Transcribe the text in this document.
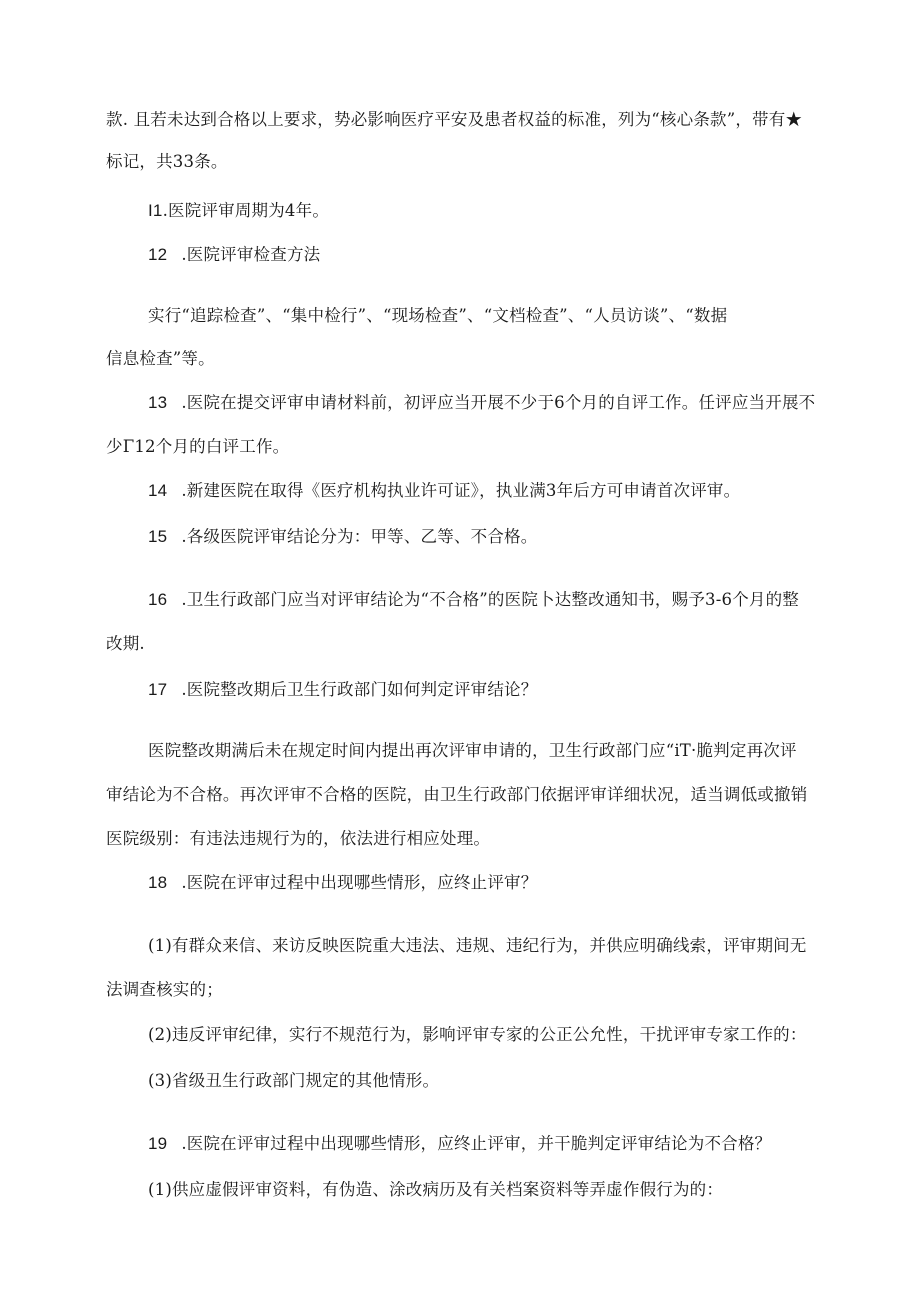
款. 且若未达到合格以上要求，势必影响医疗平安及患者权益的标准，列为“核心条款”，带有★
标记，共33条。
I1.医院评审周期为4年。
12 .医院评审检查方法
实行“追踪检查”、“集中检行”、“现场检查”、“文档检查”、“人员访谈”、“数据
信息检查”等。
13 .医院在提交评审申请材料前，初评应当开展不少于6个月的自评工作。任评应当开展不
少Γ12个月的白评工作。
14 .新建医院在取得《医疗机构执业许可证》，执业满3年后方可申请首次评审。
15 .各级医院评审结论分为：甲等、乙等、不合格。
16 .卫生行政部门应当对评审结论为“不合格”的医院卜达整改通知书，赐予3-6个月的整
改期.
17 .医院整改期后卫生行政部门如何判定评审结论？
医院整改期满后未在规定时间内提出再次评审申请的，卫生行政部门应“iT·脆判定再次评
审结论为不合格。再次评审不合格的医院，由卫生行政部门依据评审详细状况，适当调低或撤销
医院级别：有违法违规行为的，依法进行相应处理。
18 .医院在评审过程中出现哪些情形，应终止评审？
(1)有群众来信、来访反映医院重大违法、违规、违纪行为，并供应明确线索，评审期间无
法调查核实的；
(2)违反评审纪律，实行不规范行为，影响评审专家的公正公允性，干扰评审专家工作的：
(3)省级丑生行政部门规定的其他情形。
19 .医院在评审过程中出现哪些情形，应终止评审，并干脆判定评审结论为不合格？
(1)供应虚假评审资料，有伪造、涂改病历及有关档案资料等弄虚作假行为的：
